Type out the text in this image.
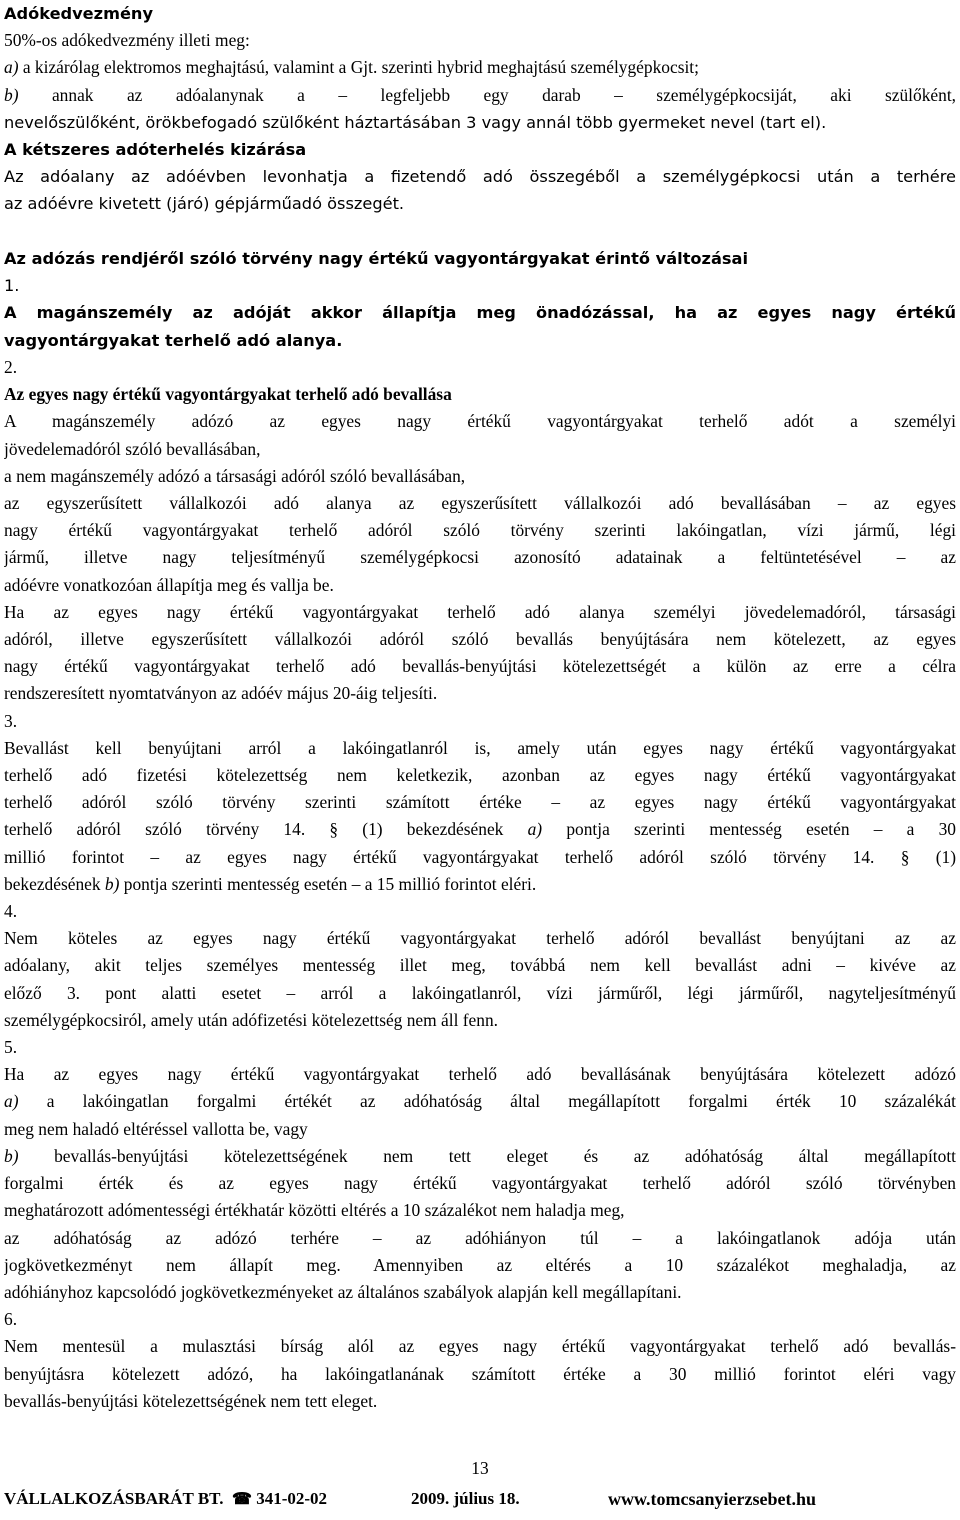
Adókedvezmény
50%-os adókedvezmény illeti meg:
a) a kizárólag elektromos meghajtású, valamint a Gjt. szerinti hybrid meghajtású személygépkocsit;
b) annak az adóalanynak a – legfeljebb egy darab – személygépkocsiját, aki szülőként,
nevelőszülőként, örökbefogadó szülőként háztartásában 3 vagy annál több gyermeket nevel (tart el).
A kétszeres adóterhelés kizárása
Az adóalany az adóévben levonhatja a fizetendő adó összegéből a személygépkocsi után a terhére
az adóévre kivetett (járó) gépjárműadó összegét.
Az adózás rendjéről szóló törvény nagy értékű vagyontárgyakat érintő változásai
1.
A magánszemély az adóját akkor állapítja meg önadózással, ha az egyes nagy értékű
vagyontárgyakat terhelő adó alanya.
2.
Az egyes nagy értékű vagyontárgyakat terhelő adó bevallása
A magánszemély adózó az egyes nagy értékű vagyontárgyakat terhelő adót a személyi
jövedelemadóról szóló bevallásában,
a nem magánszemély adózó a társasági adóról szóló bevallásában,
az egyszerűsített vállalkozói adó alanya az egyszerűsített vállalkozói adó bevallásában – az egyes
nagy értékű vagyontárgyakat terhelő adóról szóló törvény szerinti lakóingatlan, vízi jármű, légi
jármű, illetve nagy teljesítményű személygépkocsi azonosító adatainak a feltüntetésével – az
adóévre vonatkozóan állapítja meg és vallja be.
Ha az egyes nagy értékű vagyontárgyakat terhelő adó alanya személyi jövedelemadóról, társasági
adóról, illetve egyszerűsített vállalkozói adóról szóló bevallás benyújtására nem kötelezett, az egyes
nagy értékű vagyontárgyakat terhelő adó bevallás-benyújtási kötelezettségét a külön az erre a célra
rendszeresített nyomtatványon az adóév május 20-áig teljesíti.
3.
Bevallást kell benyújtani arról a lakóingatlanról is, amely után egyes nagy értékű vagyontárgyakat
terhelő adó fizetési kötelezettség nem keletkezik, azonban az egyes nagy értékű vagyontárgyakat
terhelő adóról szóló törvény szerinti számított értéke – az egyes nagy értékű vagyontárgyakat
terhelő adóról szóló törvény 14. § (1) bekezdésének a) pontja szerinti mentesség esetén – a 30
millió forintot – az egyes nagy értékű vagyontárgyakat terhelő adóról szóló törvény 14. § (1)
bekezdésének b) pontja szerinti mentesség esetén – a 15 millió forintot eléri.
4.
Nem köteles az egyes nagy értékű vagyontárgyakat terhelő adóról bevallást benyújtani az az
adóalany, akit teljes személyes mentesség illet meg, továbbá nem kell bevallást adni – kivéve az
előző 3. pont alatti esetet – arról a lakóingatlanról, vízi járműről, légi járműről, nagyteljesítményű
személygépkocsiról, amely után adófizetési kötelezettség nem áll fenn.
5.
Ha az egyes nagy értékű vagyontárgyakat terhelő adó bevallásának benyújtására kötelezett adózó
a) a lakóingatlan forgalmi értékét az adóhatóság által megállapított forgalmi érték 10 százalékát
meg nem haladó eltéréssel vallotta be, vagy
b) bevallás-benyújtási kötelezettségének nem tett eleget és az adóhatóság által megállapított
forgalmi érték és az egyes nagy értékű vagyontárgyakat terhelő adóról szóló törvényben
meghatározott adómentességi értékhatár közötti eltérés a 10 százalékot nem haladja meg,
az adóhatóság az adózó terhére – az adóhiányon túl – a lakóingatlanok adója után
jogkövetkezményt nem állapít meg. Amennyiben az eltérés a 10 százalékot meghaladja, az
adóhiányhoz kapcsolódó jogkövetkezményeket az általános szabályok alapján kell megállapítani.
6.
Nem mentesül a mulasztási bírság alól az egyes nagy értékű vagyontárgyakat terhelő adó bevallás-
benyújtásra kötelezett adózó, ha lakóingatlanának számított értéke a 30 millió forintot eléri vagy
bevallás-benyújtási kötelezettségének nem tett eleget.
13
VÁLLALKOZÁSBARÁT BT. ☎ 341-02-02	2009. július 18.	www.tomcsanyierzsebet.hu
